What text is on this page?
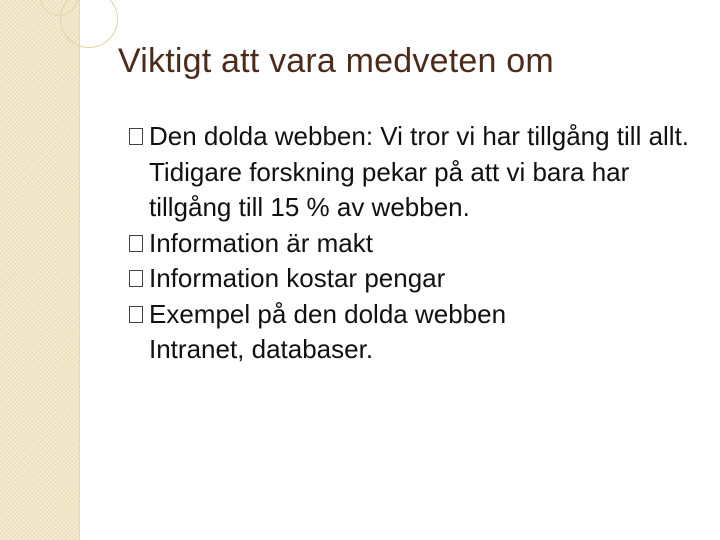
Viktigt att vara medveten om
Den dolda webben: Vi tror vi har tillgång till allt. Tidigare forskning pekar på att vi bara har tillgång till 15 % av webben.
Information är makt
Information kostar pengar
Exempel på den dolda webben
Intranet, databaser.
